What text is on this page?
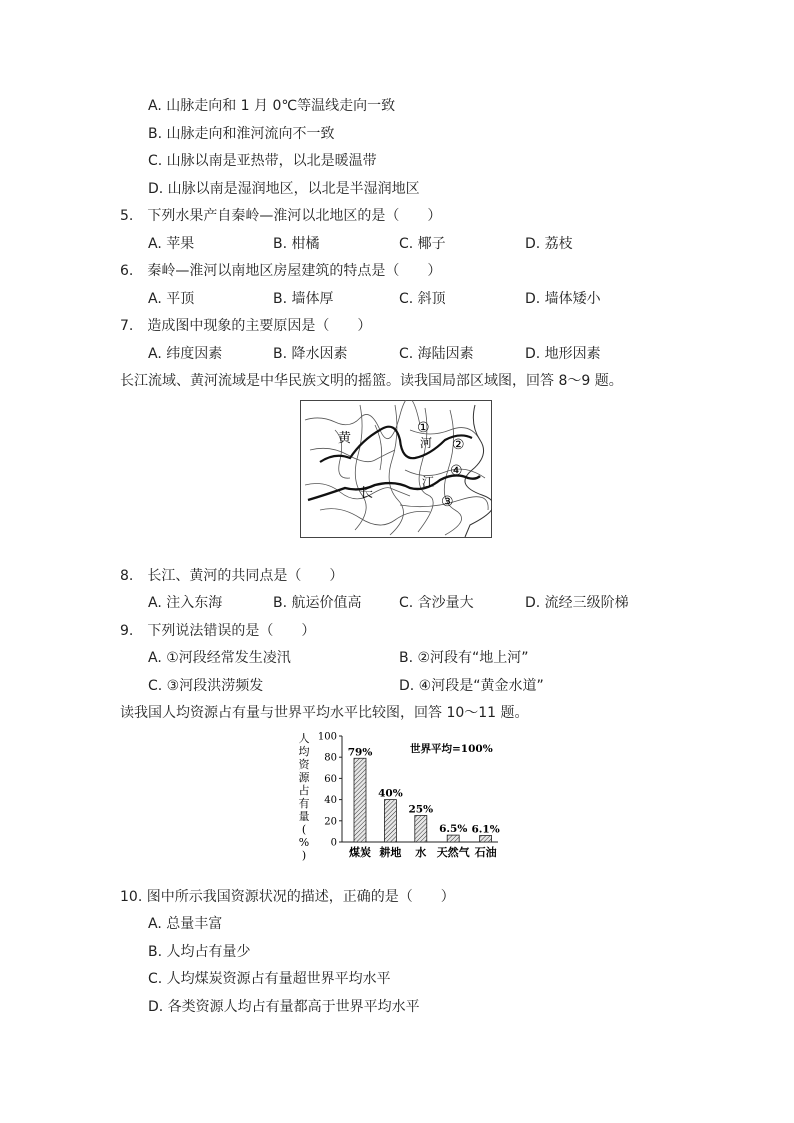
A. 山脉走向和 1 月 0℃等温线走向一致
B. 山脉走向和淮河流向不一致
C. 山脉以南是亚热带，以北是暖温带
D. 山脉以南是湿润地区，以北是半湿润地区
5.　下列水果产自秦岭—淮河以北地区的是（　　）
A. 苹果	B. 柑橘	C. 椰子	D. 荔枝
6.　秦岭—淮河以南地区房屋建筑的特点是（　　）
A. 平顶	B. 墙体厚	C. 斜顶	D. 墙体矮小
7.　造成图中现象的主要原因是（　　）
A. 纬度因素	B. 降水因素	C. 海陆因素	D. 地形因素
长江流域、黄河流域是中华民族文明的摇篮。读我国局部区域图，回答 8～9 题。
黄	河
长
江
①
②
③
④
8.　长江、黄河的共同点是（　　）
A. 注入东海	B. 航运价值高	C. 含沙量大	D. 流经三级阶梯
9.　下列说法错误的是（　　）
A. ①河段经常发生凌汛	B. ②河段有“地上河”
C. ③河段洪涝频发	D. ④河段是“黄金水道”
读我国人均资源占有量与世界平均水平比较图，回答 10～11 题。
0
20
40
60
80
100
79%
煤炭
40%
耕地
25%
水
6.5%
天然气
6.1%
石油
世界平均=100%
人
均
资
源
占
有
量
(
%
)
10. 图中所示我国资源状况的描述，正确的是（　　）
A. 总量丰富
B. 人均占有量少
C. 人均煤炭资源占有量超世界平均水平
D. 各类资源人均占有量都高于世界平均水平
